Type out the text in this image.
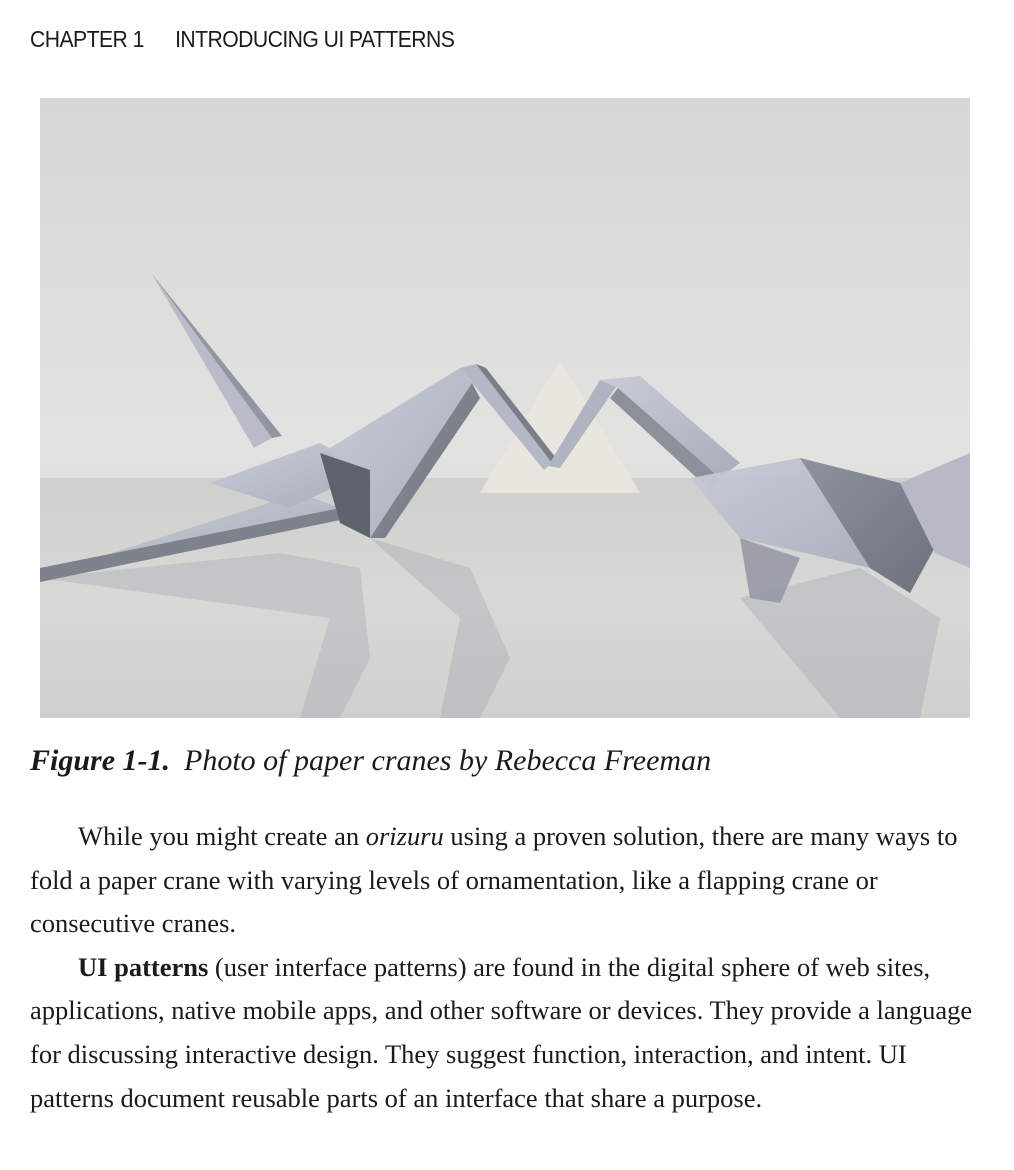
CHAPTER 1 INTRODUCING UI PATTERNS
Figure 1-1. Photo of paper cranes by Rebecca Freeman

While you might create an orizuru using a proven solution, there are many ways to fold a paper crane with varying levels of ornamentation, like a flapping crane or consecutive cranes.

UI patterns (user interface patterns) are found in the digital sphere of web sites, applications, native mobile apps, and other software or devices. They provide a language for discussing interactive design. They suggest function, interaction, and intent. UI patterns document reusable parts of an interface that share a purpose.
